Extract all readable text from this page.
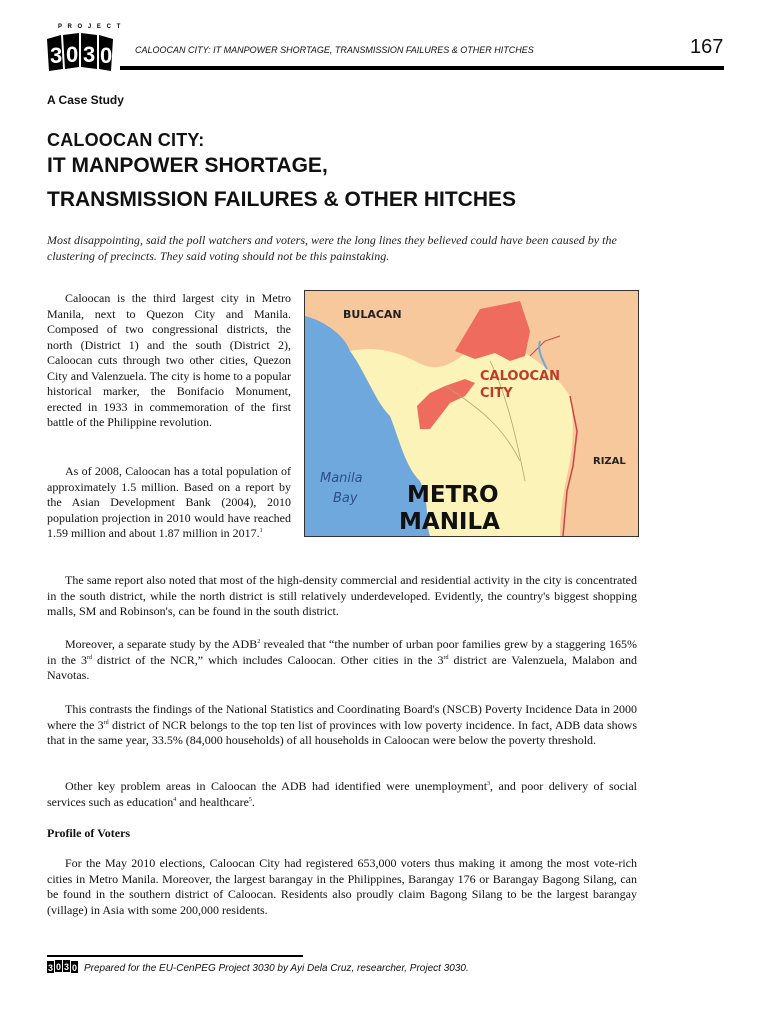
P R O J E C T
3 0 3 0	CALOOCAN CITY: IT MANPOWER SHORTAGE, TRANSMISSION FAILURES & OTHER HITCHES	167
A Case Study
CALOOCAN CITY:
IT MANPOWER SHORTAGE,
TRANSMISSION FAILURES & OTHER HITCHES
Most disappointing, said the poll watchers and voters, were the long lines they believed could have been caused by the clustering of precincts. They said voting should not be this painstaking.

Caloocan is the third largest city in Metro Manila, next to Quezon City and Manila. Composed of two congressional districts, the north (District 1) and the south (District 2), Caloocan cuts through two other cities, Quezon City and Valenzuela. The city is home to a popular historical marker, the Bonifacio Monument, erected in 1933 in commemoration of the first battle of the Philippine revolution.

As of 2008, Caloocan has a total population of approximately 1.5 million. Based on a report by the Asian Development Bank (2004), 2010 population projection in 2010 would have reached 1.59 million and about 1.87 million in 2017.$^1$

BULACAN
CALOOCAN
CITY
RIZAL
Manila
Bay METRO
MANILA

The same report also noted that most of the high-density commercial and residential activity in the city is concentrated in the south district, while the north district is still relatively underdeveloped. Evidently, the country's biggest shopping malls, SM and Robinson's, can be found in the south district.

Moreover, a separate study by the ADB$^2$ revealed that “the number of urban poor families grew by a staggering 165% in the 3rd district of the NCR,” which includes Caloocan. Other cities in the 3rd district are Valenzuela, Malabon and Navotas.

This contrasts the findings of the National Statistics and Coordinating Board's (NSCB) Poverty Incidence Data in 2000 where the 3rd district of NCR belongs to the top ten list of provinces with low poverty incidence. In fact, ADB data shows that in the same year, 33.5% (84,000 households) of all households in Caloocan were below the poverty threshold.

Other key problem areas in Caloocan the ADB had identified were unemployment$^3$, and poor delivery of social services such as education$^4$ and healthcare$^5$.

Profile of Voters

For the May 2010 elections, Caloocan City had registered 653,000 voters thus making it among the most vote-rich cities in Metro Manila. Moreover, the largest barangay in the Philippines, Barangay 176 or Barangay Bagong Silang, can be found in the southern district of Caloocan. Residents also proudly claim Bagong Silang to be the largest barangay (village) in Asia with some 200,000 residents.

3 0 3 0 Prepared for the EU-CenPEG Project 3030 by Ayi Dela Cruz, researcher, Project 3030.
